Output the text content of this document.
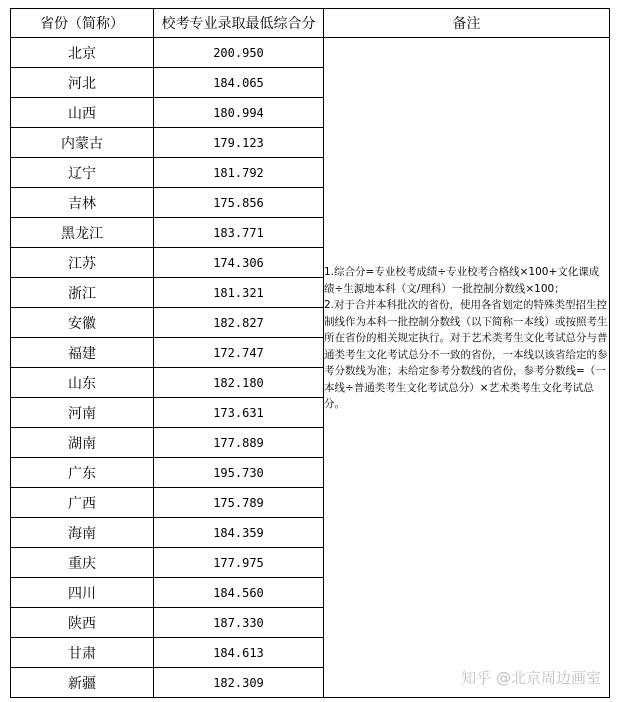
省份（简称）	校考专业录取最低综合分	备注
北京	200.950	1.综合分=专业校考成绩÷专业校考合格线×100+文化课成绩÷生源地本科（文/理科）一批控制分数线×100；
2.对于合并本科批次的省份，使用各省划定的特殊类型招生控制线作为本科一批控制分数线（以下简称一本线）或按照考生所在省份的相关规定执行。对于艺术类考生文化考试总分与普通类考生文化考试总分不一致的省份，一本线以该省给定的参考分数线为准；未给定参考分数线的省份，参考分数线=（一本线÷普通类考生文化考试总分）×艺术类考生文化考试总分。

河北	184.065	
山西	180.994	
内蒙古	179.123	
辽宁	181.792	
吉林	175.856	
黑龙江	183.771	
江苏	174.306	
浙江	181.321	
安徽	182.827	
福建	172.747	
山东	182.180	
河南	173.631	
湖南	177.889	
广东	195.730	
广西	175.789	
海南	184.359	
重庆	177.975	
四川	184.560	
陕西	187.330	
甘肃	184.613	
新疆	182.309		知乎 @北京周边画室
